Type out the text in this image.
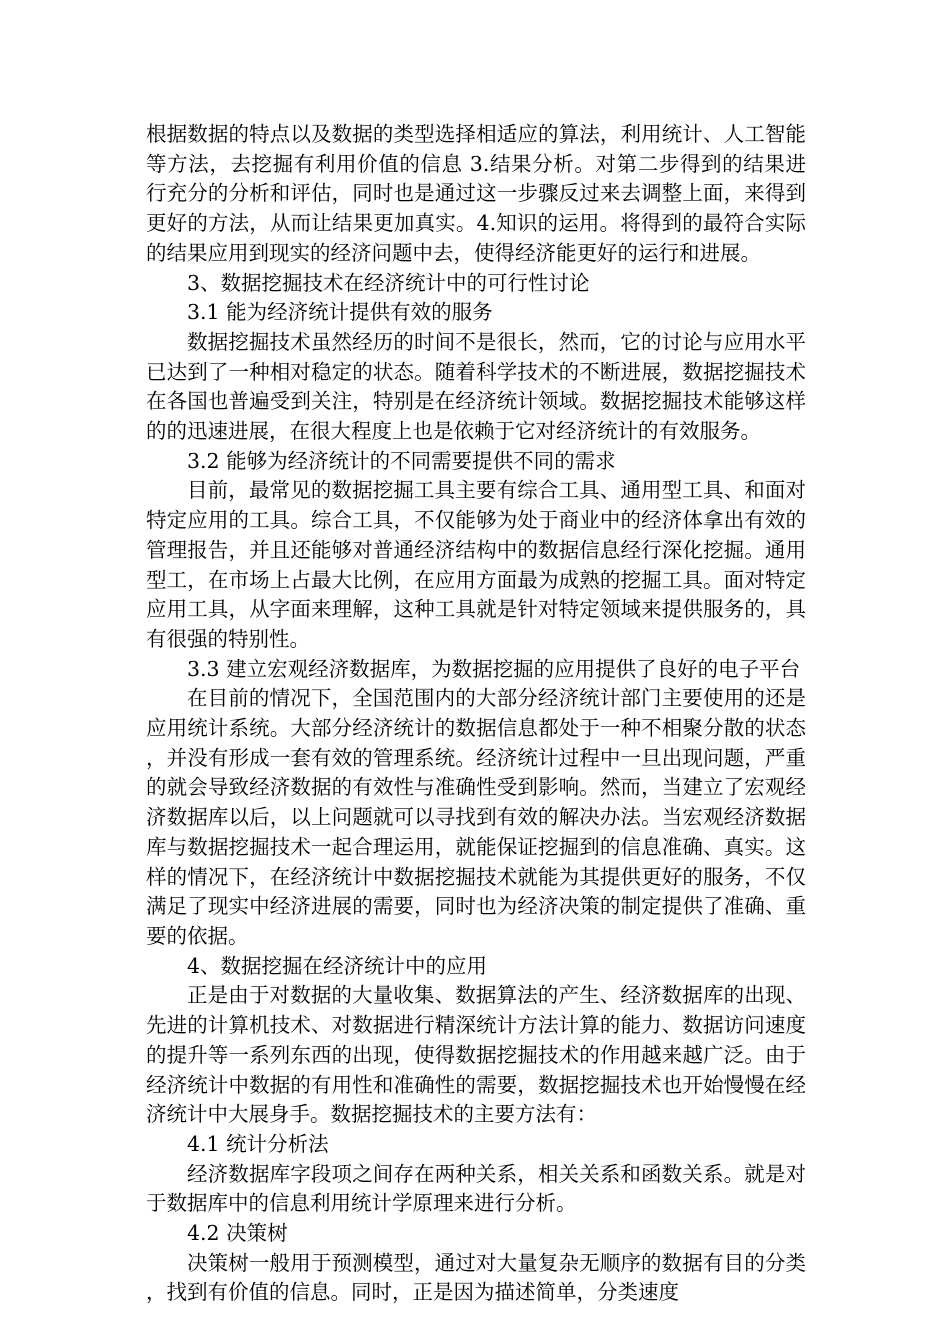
根据数据的特点以及数据的类型选择相适应的算法，利用统计、人工智能等方法，去挖掘有利用价值的信息 3.结果分析。对第二步得到的结果进行充分的分析和评估，同时也是通过这一步骤反过来去调整上面，来得到更好的方法，从而让结果更加真实。4.知识的运用。将得到的最符合实际的结果应用到现实的经济问题中去，使得经济能更好的运行和进展。

3、数据挖掘技术在经济统计中的可行性讨论

3.1 能为经济统计提供有效的服务

数据挖掘技术虽然经历的时间不是很长，然而，它的讨论与应用水平已达到了一种相对稳定的状态。随着科学技术的不断进展，数据挖掘技术在各国也普遍受到关注，特别是在经济统计领域。数据挖掘技术能够这样的的迅速进展，在很大程度上也是依赖于它对经济统计的有效服务。

3.2 能够为经济统计的不同需要提供不同的需求

目前，最常见的数据挖掘工具主要有综合工具、通用型工具、和面对特定应用的工具。综合工具，不仅能够为处于商业中的经济体拿出有效的管理报告，并且还能够对普通经济结构中的数据信息经行深化挖掘。通用型工，在市场上占最大比例，在应用方面最为成熟的挖掘工具。面对特定应用工具，从字面来理解，这种工具就是针对特定领域来提供服务的，具有很强的特别性。

3.3 建立宏观经济数据库，为数据挖掘的应用提供了良好的电子平台

在目前的情况下，全国范围内的大部分经济统计部门主要使用的还是应用统计系统。大部分经济统计的数据信息都处于一种不相聚分散的状态，并没有形成一套有效的管理系统。经济统计过程中一旦出现问题，严重的就会导致经济数据的有效性与准确性受到影响。然而，当建立了宏观经济数据库以后，以上问题就可以寻找到有效的解决办法。当宏观经济数据库与数据挖掘技术一起合理运用，就能保证挖掘到的信息准确、真实。这样的情况下，在经济统计中数据挖掘技术就能为其提供更好的服务，不仅满足了现实中经济进展的需要，同时也为经济决策的制定提供了准确、重要的依据。

4、数据挖掘在经济统计中的应用

正是由于对数据的大量收集、数据算法的产生、经济数据库的出现、先进的计算机技术、对数据进行精深统计方法计算的能力、数据访问速度的提升等一系列东西的出现，使得数据挖掘技术的作用越来越广泛。由于经济统计中数据的有用性和准确性的需要，数据挖掘技术也开始慢慢在经济统计中大展身手。数据挖掘技术的主要方法有：

4.1 统计分析法

经济数据库字段项之间存在两种关系，相关关系和函数关系。就是对于数据库中的信息利用统计学原理来进行分析。

4.2 决策树

决策树一般用于预测模型，通过对大量复杂无顺序的数据有目的分类，找到有价值的信息。同时，正是因为描述简单，分类速度
